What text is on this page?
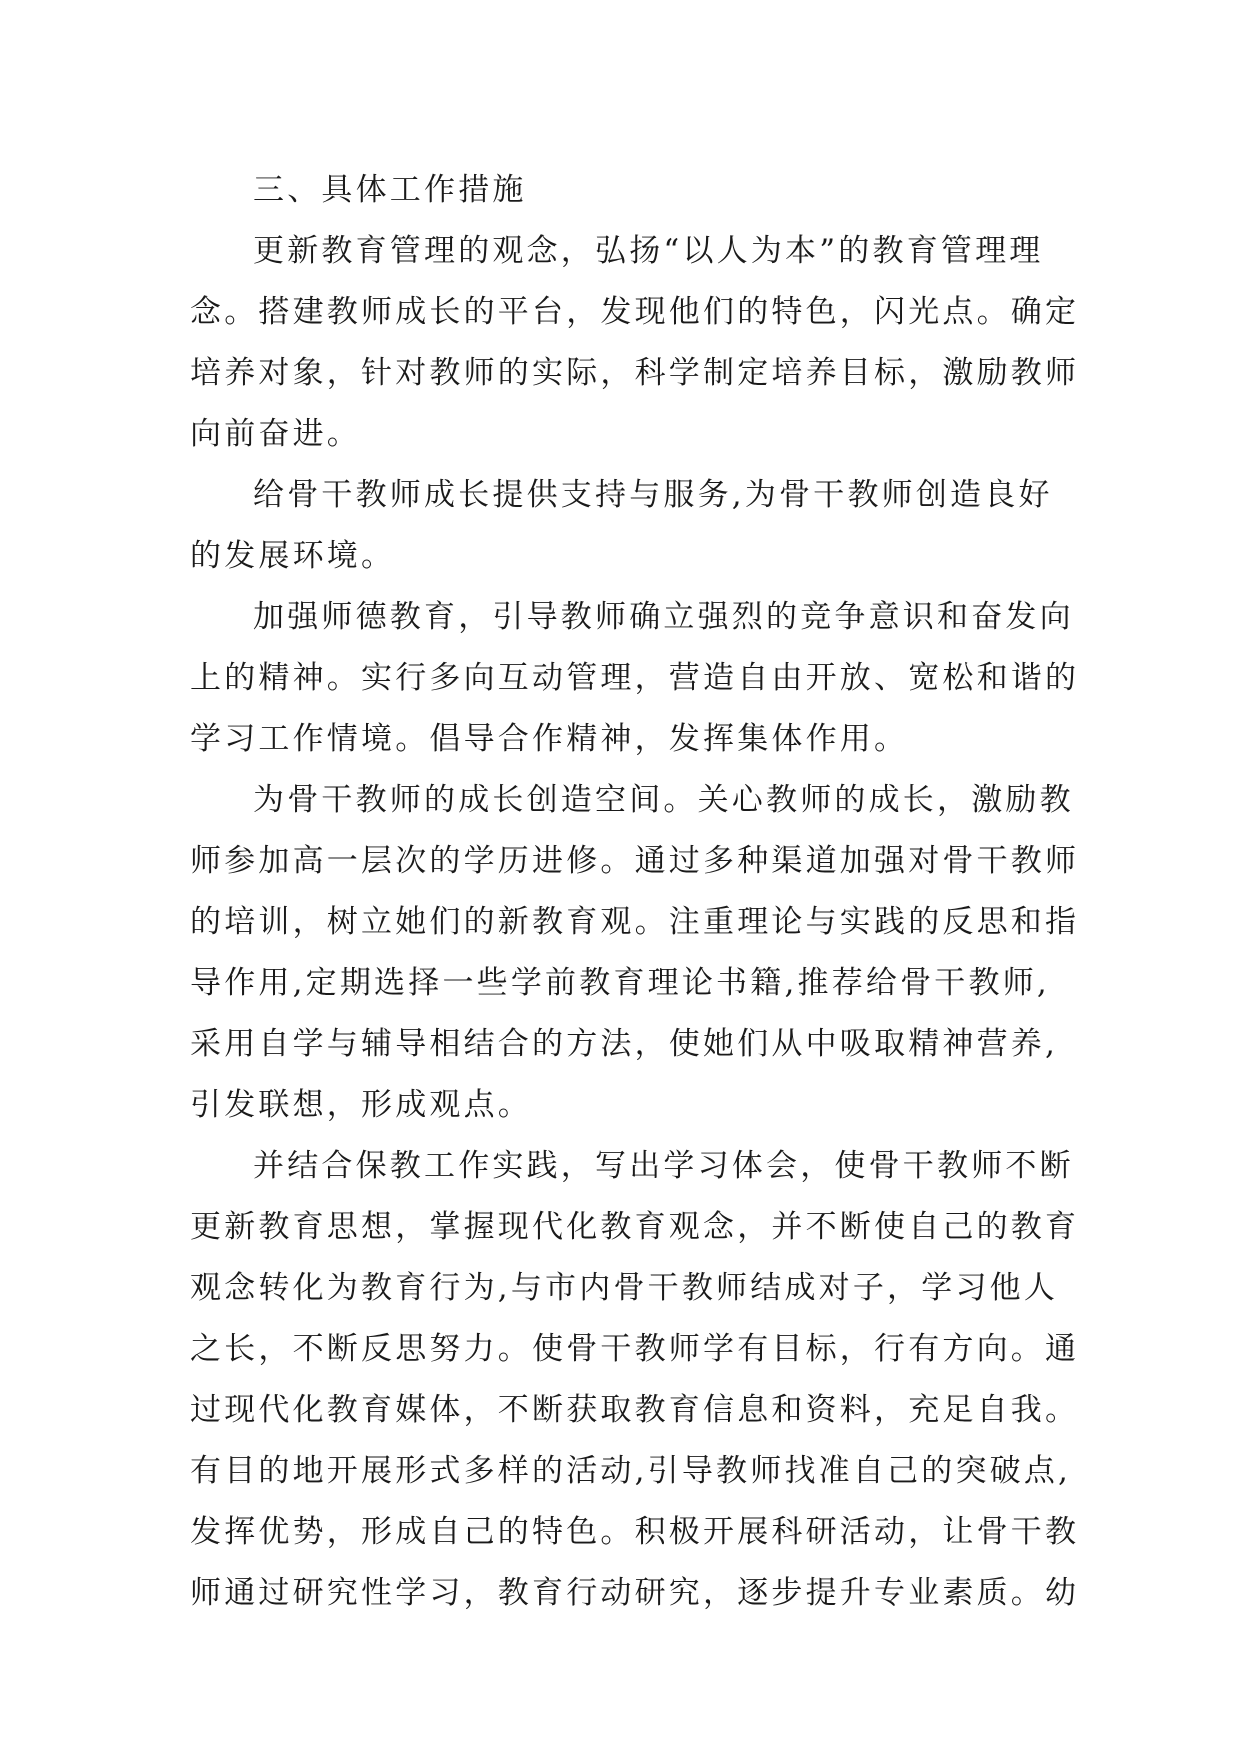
三、具体工作措施
更新教育管理的观念，弘扬“以人为本”的教育管理理
念。搭建教师成长的平台，发现他们的特色，闪光点。确定
培养对象，针对教师的实际，科学制定培养目标，激励教师
向前奋进。
给骨干教师成长提供支持与服务,为骨干教师创造良好
的发展环境。
加强师德教育，引导教师确立强烈的竞争意识和奋发向
上的精神。实行多向互动管理，营造自由开放、宽松和谐的
学习工作情境。倡导合作精神，发挥集体作用。
为骨干教师的成长创造空间。关心教师的成长，激励教
师参加高一层次的学历进修。通过多种渠道加强对骨干教师
的培训，树立她们的新教育观。注重理论与实践的反思和指
导作用,定期选择一些学前教育理论书籍,推荐给骨干教师,
采用自学与辅导相结合的方法，使她们从中吸取精神营养,
引发联想，形成观点。
并结合保教工作实践，写出学习体会，使骨干教师不断
更新教育思想，掌握现代化教育观念，并不断使自己的教育
观念转化为教育行为,与市内骨干教师结成对子，学习他人
之长，不断反思努力。使骨干教师学有目标，行有方向。通
过现代化教育媒体，不断获取教育信息和资料，充足自我。
有目的地开展形式多样的活动,引导教师找准自己的突破点,
发挥优势，形成自己的特色。积极开展科研活动，让骨干教
师通过研究性学习，教育行动研究，逐步提升专业素质。幼
